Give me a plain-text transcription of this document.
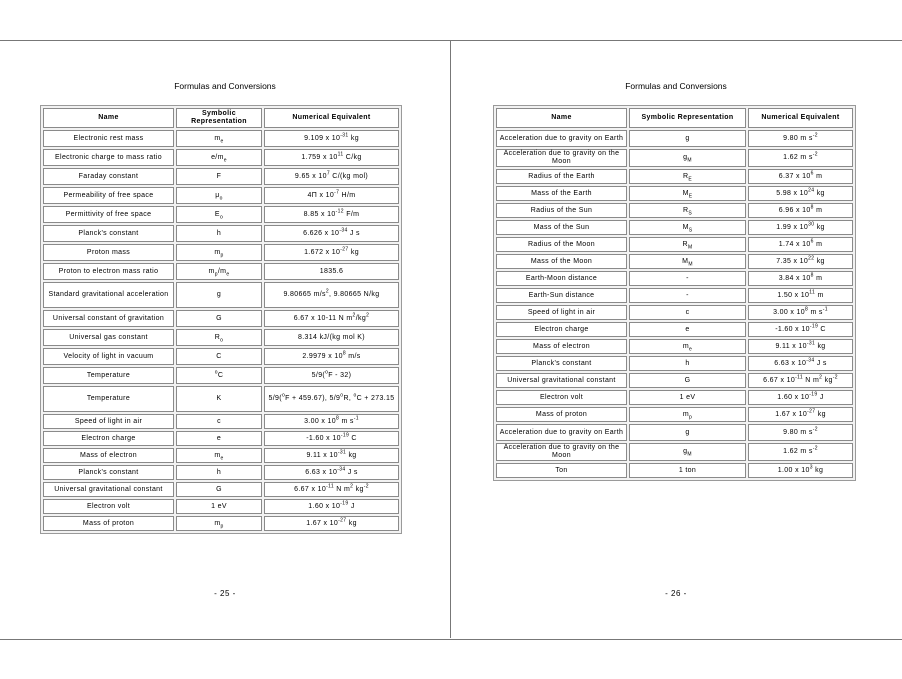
Formulas and Conversions
Name	Symbolic Representation	Numerical Equivalent
Electronic rest mass	$m_e$	9.109 x $10^{-31}$ kg
Electronic charge to mass ratio	$e/m_e$	1.759 x $10^{11}$ C/kg
Faraday constant	F	9.65 x $10^7$ C/(kg mol)
Permeability of free space	$\mu_o$	4Π x $10^{-7}$ H/m
Permittivity of free space	$E_o$	8.85 x $10^{-12}$ F/m
Planck's constant	h	6.626 x $10^{-34}$ J s
Proton mass	$m_p$	1.672 x $10^{-27}$ kg
Proton to electron mass ratio	$m_p/m_e$	1835.6
Standard gravitational acceleration	g	9.80665 $m/s^2$, 9.80665 N/kg
Universal constant of gravitation	G	6.67 x 10-11 N $m^2/kg^2$
Universal gas constant	$R_o$	8.314 kJ/(kg mol K)
Velocity of light in vacuum	C	2.9979 x $10^8$ m/s
Temperature	$^o$C	5/9($^o$F - 32)
Temperature	K	5/9($^o$F + 459.67), 5/9$^o$R, $^o$C + 273.15
Speed of light in air	c	3.00 x $10^8$ m $s^{-1}$
Electron charge	e	-1.60 x $10^{-19}$ C
Mass of electron	$m_e$	9.11 x $10^{-31}$ kg
Planck's constant	h	6.63 x $10^{-34}$ J s
Universal gravitational constant	G	6.67 x $10^{-11}$ N $m^2$ $kg^{-2}$
Electron volt	1 eV	1.60 x $10^{-19}$ J
Mass of proton	$m_p$	1.67 x $10^{-27}$ kg
- 25 -
Formulas and Conversions
Name	Symbolic Representation	Numerical Equivalent
Acceleration due to gravity on Earth	g	9.80 m $s^{-2}$
Acceleration due to gravity on the Moon	$g_M$	1.62 m $s^{-2}$
Radius of the Earth	$R_E$	6.37 x $10^6$ m
Mass of the Earth	$M_E$	5.98 x $10^{24}$ kg
Radius of the Sun	$R_S$	6.96 x $10^8$ m
Mass of the Sun	$M_S$	1.99 x $10^{30}$ kg
Radius of the Moon	$R_M$	1.74 x $10^6$ m
Mass of the Moon	$M_M$	7.35 x $10^{22}$ kg
Earth-Moon distance	-	3.84 x $10^8$ m
Earth-Sun distance	-	1.50 x $10^{11}$ m
Speed of light in air	c	3.00 x $10^8$ m $s^{-1}$
Electron charge	e	-1.60 x $10^{-19}$ C
Mass of electron	$m_e$	9.11 x $10^{-31}$ kg
Planck's constant	h	6.63 x $10^{-34}$ J s
Universal gravitational constant	G	6.67 x $10^{-11}$ N $m^2$ $kg^{-2}$
Electron volt	1 eV	1.60 x $10^{-19}$ J
Mass of proton	$m_p$	1.67 x $10^{-27}$ kg
Acceleration due to gravity on Earth	g	9.80 m $s^{-2}$
Acceleration due to gravity on the Moon	$g_M$	1.62 m $s^{-2}$
Ton	1 ton	1.00 x $10^3$ kg
- 26 -
